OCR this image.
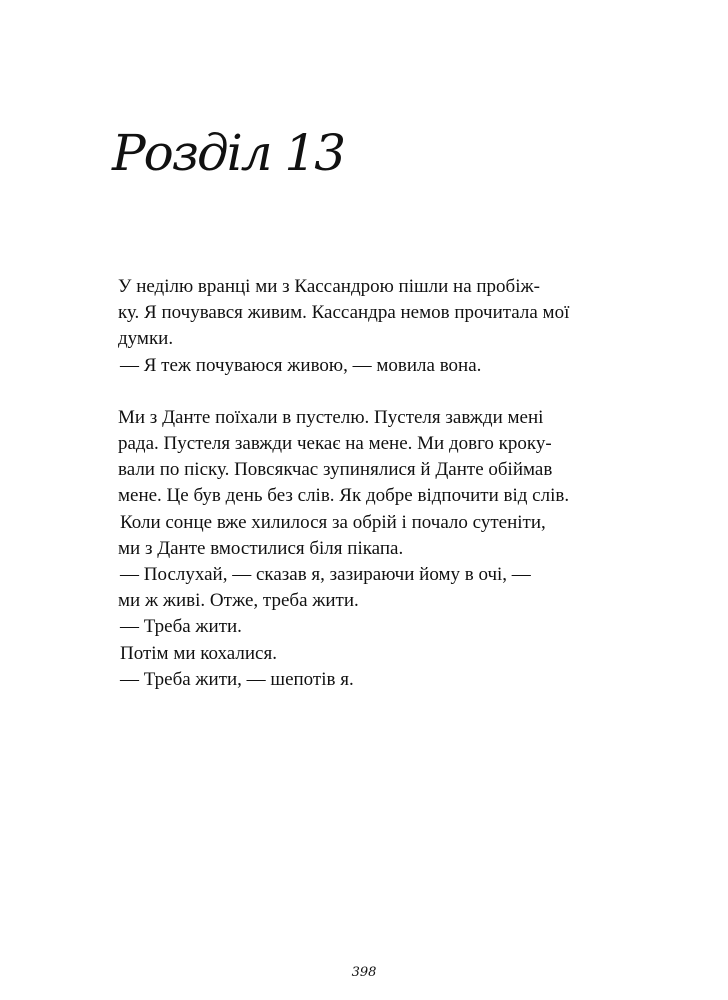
Розділ 13
У неділю вранці ми з Кассандрою пішли на пробіж-
ку. Я почувався живим. Кассандра немов прочитала мої
думки.
— Я теж почуваюся живою, — мовила вона.
Ми з Данте поїхали в пустелю. Пустеля завжди мені
рада. Пустеля завжди чекає на мене. Ми довго кроку-
вали по піску. Повсякчас зупинялися й Данте обіймав
мене. Це був день без слів. Як добре відпочити від слів.
Коли сонце вже хилилося за обрій і почало сутеніти,
ми з Данте вмостилися біля пікапа.
— Послухай, — сказав я, зазираючи йому в очі, —
ми ж живі. Отже, треба жити.
— Треба жити.
Потім ми кохалися.
— Треба жити, — шепотів я.
398
